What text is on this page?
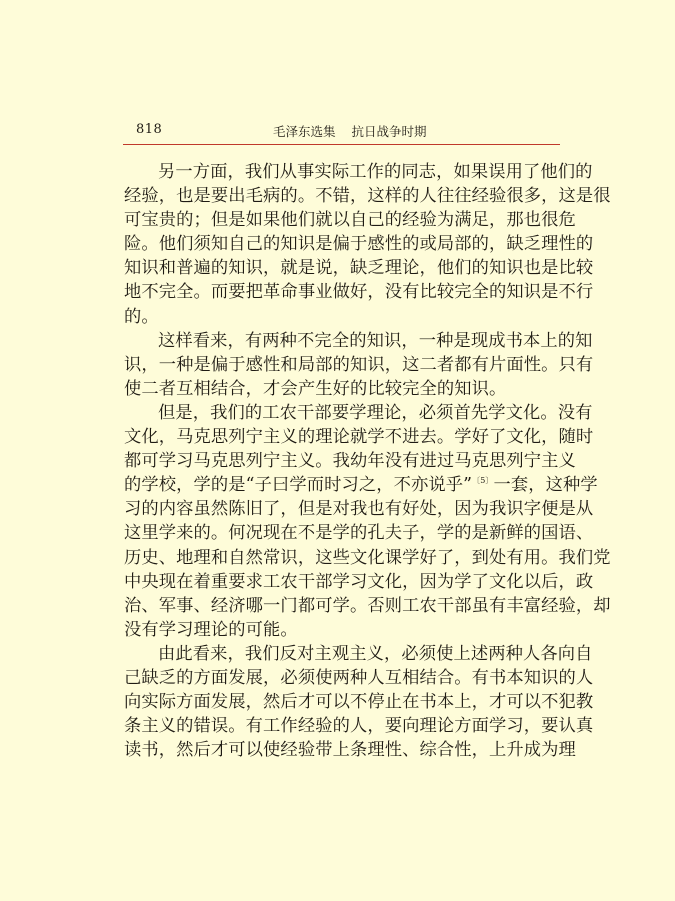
818	毛泽东选集 抗日战争时期
另一方面，我们从事实际工作的同志，如果误用了他们的
经验，也是要出毛病的。不错，这样的人往往经验很多，这是很
可宝贵的；但是如果他们就以自己的经验为满足，那也很危
险。他们须知自己的知识是偏于感性的或局部的，缺乏理性的
知识和普遍的知识，就是说，缺乏理论，他们的知识也是比较
地不完全。而要把革命事业做好，没有比较完全的知识是不行
的。
这样看来，有两种不完全的知识，一种是现成书本上的知
识，一种是偏于感性和局部的知识，这二者都有片面性。只有
使二者互相结合，才会产生好的比较完全的知识。
但是，我们的工农干部要学理论，必须首先学文化。没有
文化，马克思列宁主义的理论就学不进去。学好了文化，随时
都可学习马克思列宁主义。我幼年没有进过马克思列宁主义
的学校，学的是“子曰学而时习之，不亦说乎”$^{〔5〕}$一套，这种学
习的内容虽然陈旧了，但是对我也有好处，因为我识字便是从
这里学来的。何况现在不是学的孔夫子，学的是新鲜的国语、
历史、地理和自然常识，这些文化课学好了，到处有用。我们党
中央现在着重要求工农干部学习文化，因为学了文化以后，政
治、军事、经济哪一门都可学。否则工农干部虽有丰富经验，却
没有学习理论的可能。
由此看来，我们反对主观主义，必须使上述两种人各向自
己缺乏的方面发展，必须使两种人互相结合。有书本知识的人
向实际方面发展，然后才可以不停止在书本上，才可以不犯教
条主义的错误。有工作经验的人，要向理论方面学习，要认真
读书，然后才可以使经验带上条理性、综合性，上升成为理
